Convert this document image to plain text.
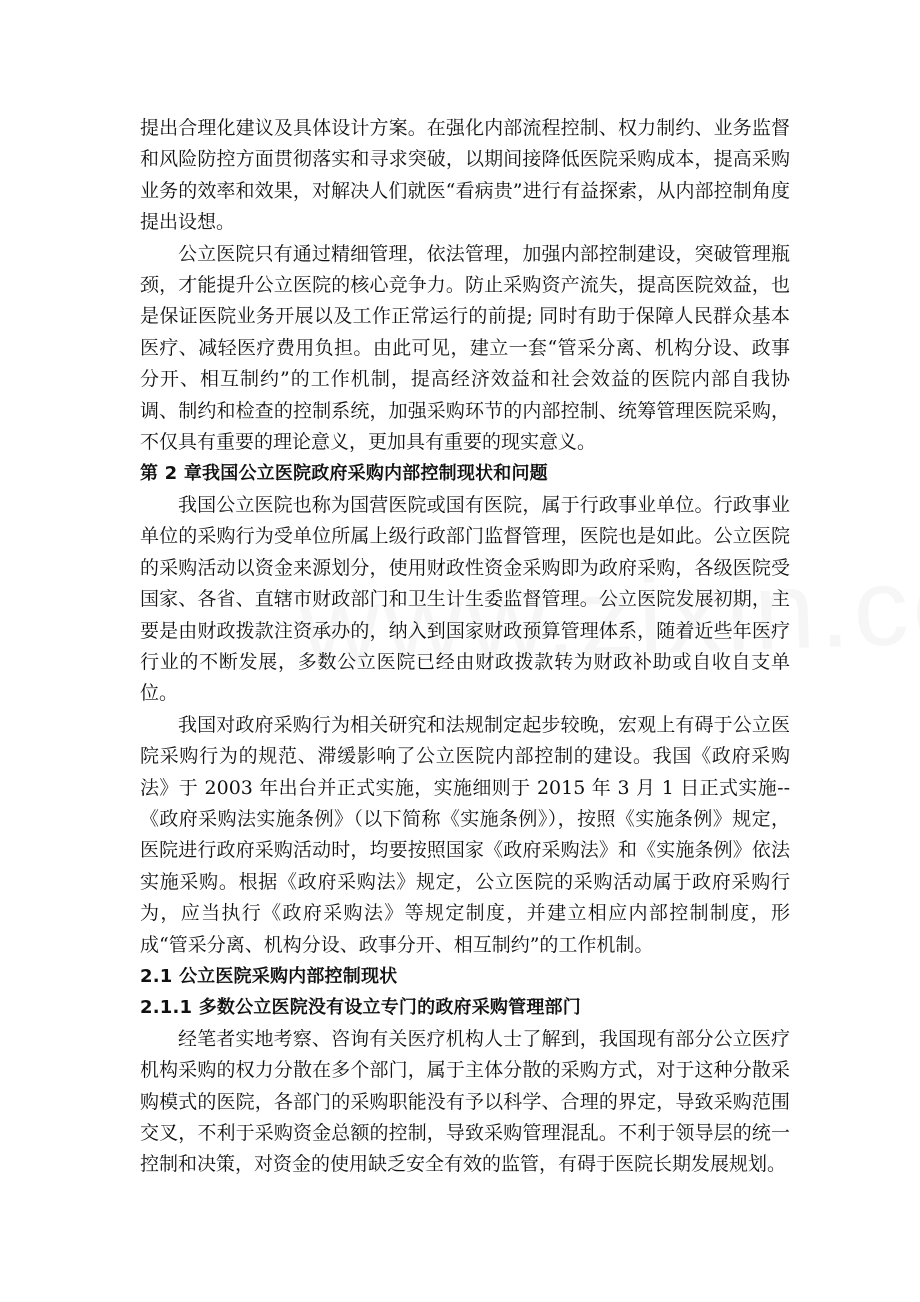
提出合理化建议及具体设计方案。在强化内部流程控制、权力制约、业务监督和风险防控方面贯彻落实和寻求突破，以期间接降低医院采购成本，提高采购业务的效率和效果，对解决人们就医“看病贵”进行有益探索，从内部控制角度提出设想。

公立医院只有通过精细管理，依法管理，加强内部控制建设，突破管理瓶颈，才能提升公立医院的核心竞争力。防止采购资产流失，提高医院效益，也是保证医院业务开展以及工作正常运行的前提; 同时有助于保障人民群众基本医疗、减轻医疗费用负担。由此可见，建立一套“管采分离、机构分设、政事分开、相互制约”的工作机制，提高经济效益和社会效益的医院内部自我协调、制约和检查的控制系统，加强采购环节的内部控制、统筹管理医院采购，不仅具有重要的理论意义，更加具有重要的现实意义。

第 2 章我国公立医院政府采购内部控制现状和问题

我国公立医院也称为国营医院或国有医院，属于行政事业单位。行政事业单位的采购行为受单位所属上级行政部门监督管理，医院也是如此。公立医院的采购活动以资金来源划分，使用财政性资金采购即为政府采购，各级医院受国家、各省、直辖市财政部门和卫生计生委监督管理。公立医院发展初期，主要是由财政拨款注资承办的，纳入到国家财政预算管理体系，随着近些年医疗行业的不断发展，多数公立医院已经由财政拨款转为财政补助或自收自支单位。

我国对政府采购行为相关研究和法规制定起步较晚，宏观上有碍于公立医院采购行为的规范、滞缓影响了公立医院内部控制的建设。我国《政府采购法》于 2003 年出台并正式实施，实施细则于 2015 年 3 月 1 日正式实施--《政府采购法实施条例》（以下简称《实施条例》），按照《实施条例》规定，医院进行政府采购活动时，均要按照国家《政府采购法》和《实施条例》依法实施采购。根据《政府采购法》规定，公立医院的采购活动属于政府采购行为，应当执行《政府采购法》等规定制度，并建立相应内部控制制度，形成“管采分离、机构分设、政事分开、相互制约”的工作机制。

2.1 公立医院采购内部控制现状
2.1.1 多数公立医院没有设立专门的政府采购管理部门

经笔者实地考察、咨询有关医疗机构人士了解到，我国现有部分公立医疗机构采购的权力分散在多个部门，属于主体分散的采购方式，对于这种分散采购模式的医院，各部门的采购职能没有予以科学、合理的界定，导致采购范围交叉，不利于采购资金总额的控制，导致采购管理混乱。不利于领导层的统一控制和决策，对资金的使用缺乏安全有效的监管，有碍于医院长期发展规划。
